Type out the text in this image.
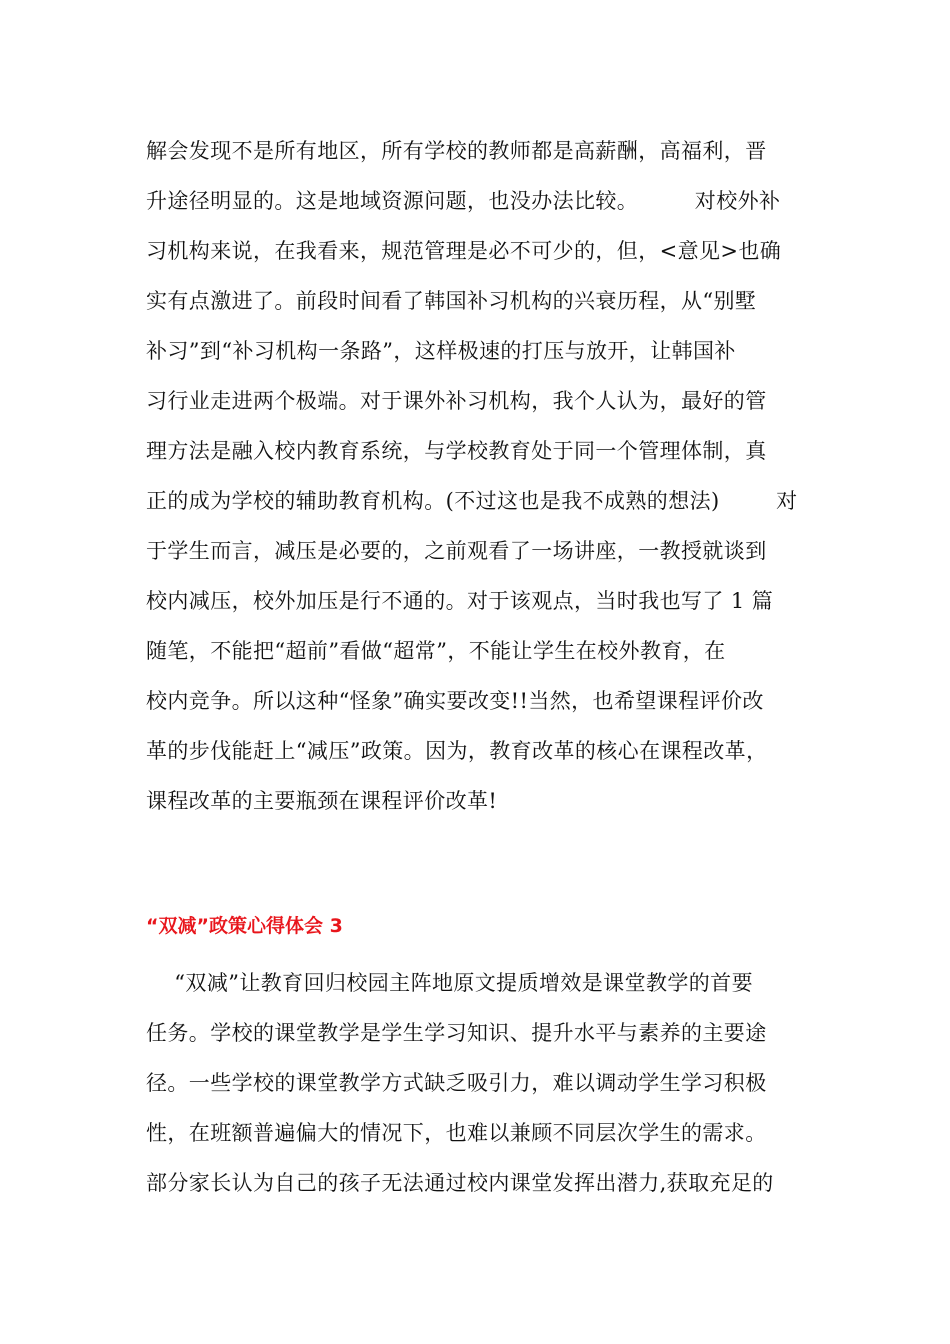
解会发现不是所有地区，所有学校的教师都是高薪酬，高福利，晋
升途径明显的。这是地域资源问题，也没办法比较。        对校外补
习机构来说，在我看来，规范管理是必不可少的，但，<意见>也确
实有点激进了。前段时间看了韩国补习机构的兴衰历程，从“别墅
补习”到“补习机构一条路”，这样极速的打压与放开，让韩国补
习行业走进两个极端。对于课外补习机构，我个人认为，最好的管
理方法是融入校内教育系统，与学校教育处于同一个管理体制，真
正的成为学校的辅助教育机构。(不过这也是我不成熟的想法)        对
于学生而言，减压是必要的，之前观看了一场讲座，一教授就谈到
校内减压，校外加压是行不通的。对于该观点，当时我也写了 1 篇
随笔，不能把“超前”看做“超常”，不能让学生在校外教育，在
校内竞争。所以这种“怪象”确实要改变!!当然，也希望课程评价改
革的步伐能赶上“减压”政策。因为，教育改革的核心在课程改革，
课程改革的主要瓶颈在课程评价改革!
“双减”政策心得体会 3
“双减”让教育回归校园主阵地原文提质增效是课堂教学的首要
任务。学校的课堂教学是学生学习知识、提升水平与素养的主要途
径。一些学校的课堂教学方式缺乏吸引力，难以调动学生学习积极
性，在班额普遍偏大的情况下，也难以兼顾不同层次学生的需求。
部分家长认为自己的孩子无法通过校内课堂发挥出潜力,获取充足的
